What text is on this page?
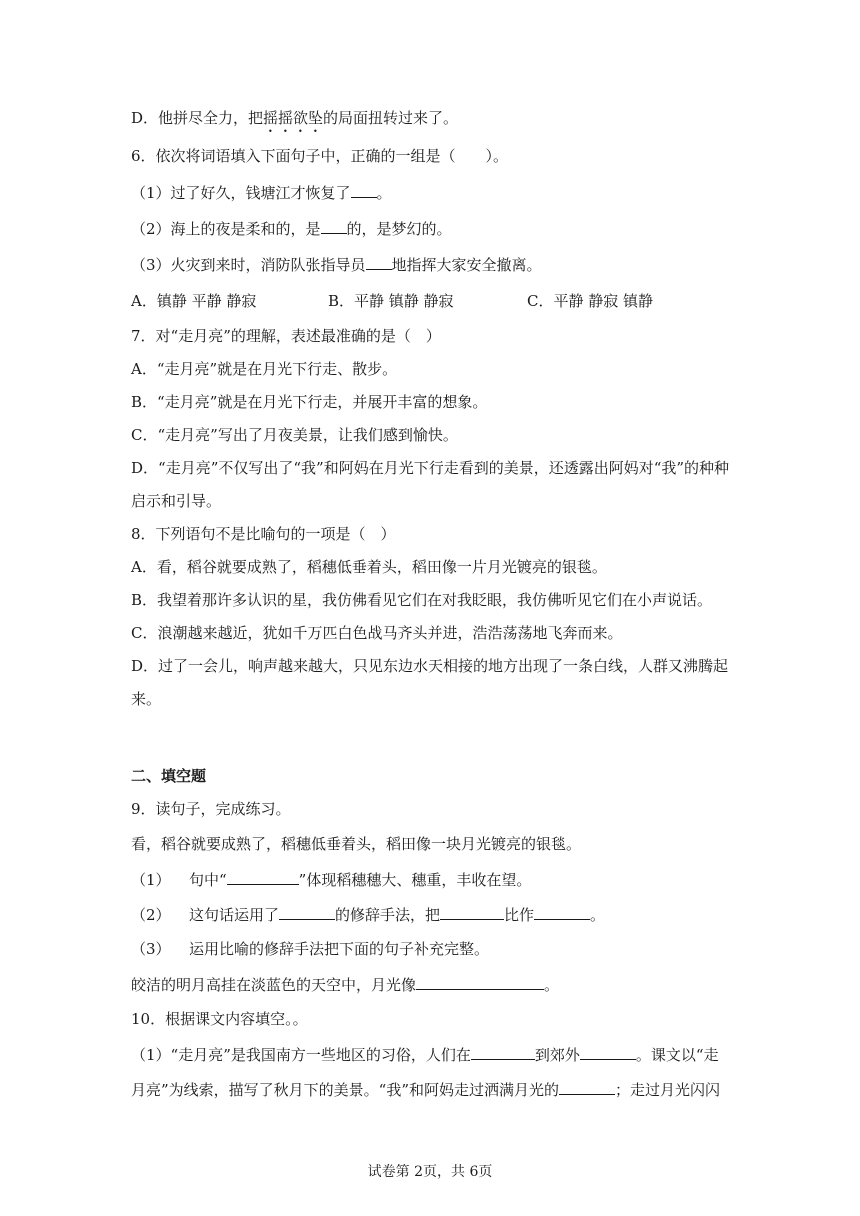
D．他拼尽全力，把摇摇欲坠的局面扭转过来了。
6．依次将词语填入下面句子中，正确的一组是（　　）。
（1）过了好久，钱塘江才恢复了 。
（2）海上的夜是柔和的，是 的，是梦幻的。
（3）火灾到来时，消防队张指导员 地指挥大家安全撤离。
A．镇静 平静 静寂	B．平静 镇静 静寂	C．平静 静寂 镇静
7．对“走月亮”的理解，表述最准确的是（　）
A．“走月亮”就是在月光下行走、散步。
B．“走月亮”就是在月光下行走，并展开丰富的想象。
C．“走月亮”写出了月夜美景，让我们感到愉快。
D．“走月亮”不仅写出了“我”和阿妈在月光下行走看到的美景，还透露出阿妈对“我”的种种
启示和引导。
8．下列语句不是比喻句的一项是（　）
A．看，稻谷就要成熟了，稻穗低垂着头，稻田像一片月光镀亮的银毯。
B．我望着那许多认识的星，我仿佛看见它们在对我眨眼，我仿佛听见它们在小声说话。
C．浪潮越来越近，犹如千万匹白色战马齐头并进，浩浩荡荡地飞奔而来。
D．过了一会儿，响声越来越大，只见东边水天相接的地方出现了一条白线，人群又沸腾起
来。
二、填空题
9．读句子，完成练习。
看，稻谷就要成熟了，稻穗低垂着头，稻田像一块月光镀亮的银毯。
（1） 句中“	”体现稻穗穗大、穗重，丰收在望。
（2） 这句话运用了	的修辞手法，把	比作	。
（3） 运用比喻的修辞手法把下面的句子补充完整。
皎洁的明月高挂在淡蓝色的天空中，月光像	。
10．根据课文内容填空。。
（1）“走月亮”是我国南方一些地区的习俗，人们在	到郊外	。课文以“走
月亮”为线索，描写了秋月下的美景。“我”和阿妈走过洒满月光的	；走过月光闪闪
试卷第 2页，共 6页
